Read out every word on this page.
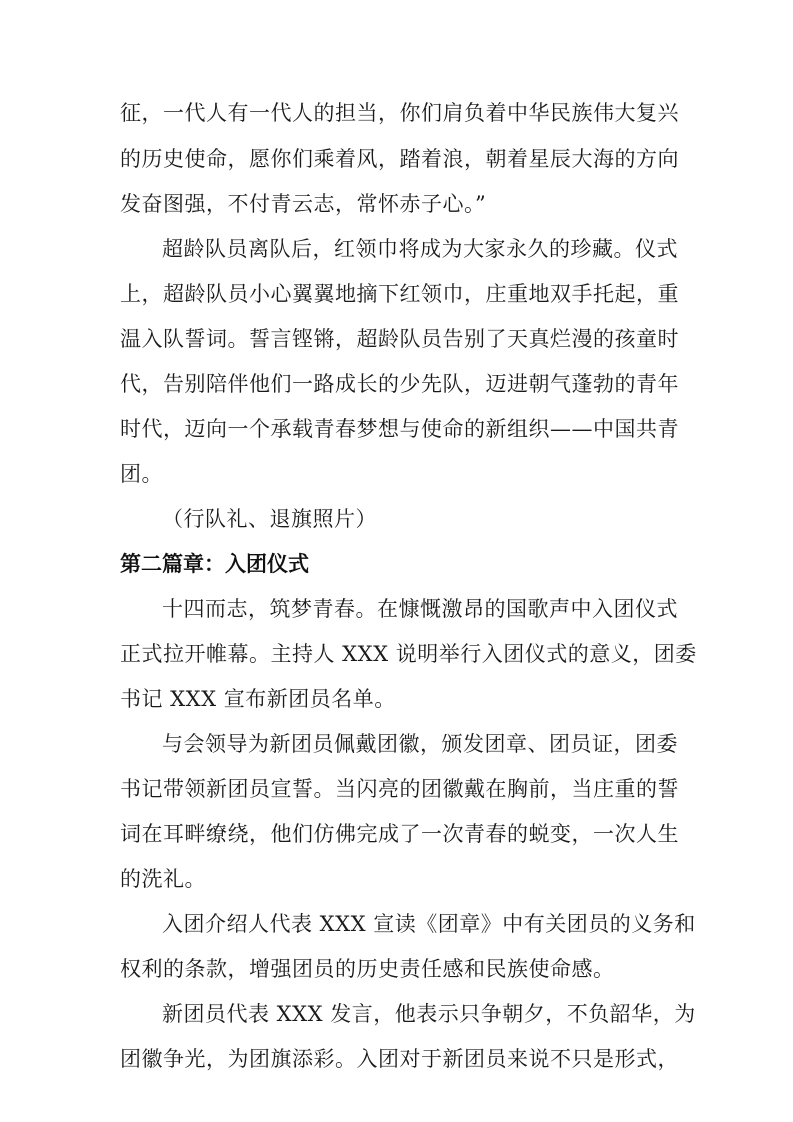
征，一代人有一代人的担当，你们肩负着中华民族伟大复兴

的历史使命，愿你们乘着风，踏着浪，朝着星辰大海的方向

发奋图强，不付青云志，常怀赤子心。”

超龄队员离队后，红领巾将成为大家永久的珍藏。仪式

上，超龄队员小心翼翼地摘下红领巾，庄重地双手托起，重

温入队誓词。誓言铿锵，超龄队员告别了天真烂漫的孩童时

代，告别陪伴他们一路成长的少先队，迈进朝气蓬勃的青年

时代，迈向一个承载青春梦想与使命的新组织——中国共青

团。

（行队礼、退旗照片）

第二篇章：入团仪式

十四而志，筑梦青春。在慷慨激昂的国歌声中入团仪式

正式拉开帷幕。主持人 XXX 说明举行入团仪式的意义，团委

书记 XXX 宣布新团员名单。

与会领导为新团员佩戴团徽，颁发团章、团员证，团委

书记带领新团员宣誓。当闪亮的团徽戴在胸前，当庄重的誓

词在耳畔缭绕，他们仿佛完成了一次青春的蜕变，一次人生

的洗礼。

入团介绍人代表 XXX 宣读《团章》中有关团员的义务和

权利的条款，增强团员的历史责任感和民族使命感。

新团员代表 XXX 发言，他表示只争朝夕，不负韶华，为

团徽争光，为团旗添彩。入团对于新团员来说不只是形式，
